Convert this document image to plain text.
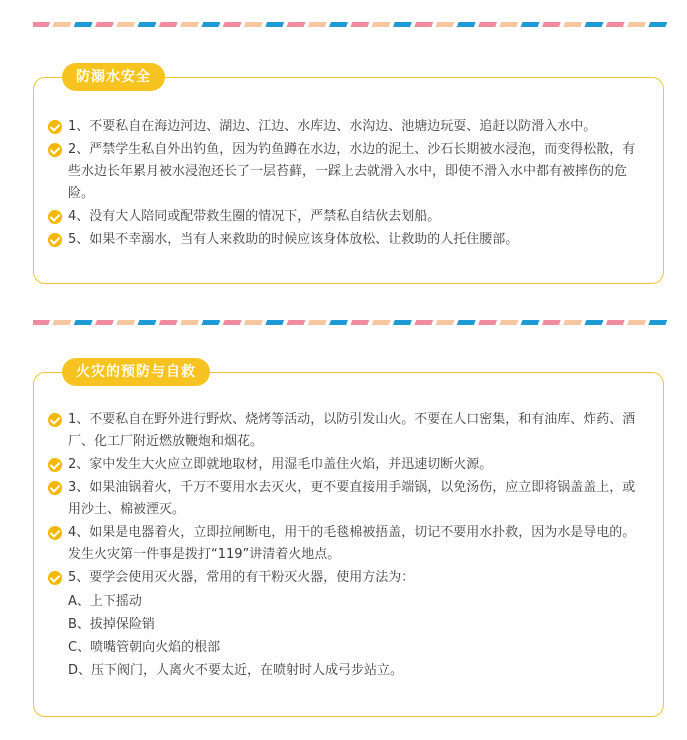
防溺水安全
1、不要私自在海边河边、湖边、江边、水库边、水沟边、池塘边玩耍、追赶以防滑入水中。
2、严禁学生私自外出钓鱼，因为钓鱼蹲在水边，水边的泥土、沙石长期被水浸泡，而变得松散，有些水边长年累月被水浸泡还长了一层苔藓，一踩上去就滑入水中，即使不滑入水中都有被摔伤的危险。
4、没有大人陪同或配带救生圈的情况下，严禁私自结伙去划船。
5、如果不幸溺水，当有人来救助的时候应该身体放松、让救助的人托住腰部。
火灾的预防与自救
1、不要私自在野外进行野炊、烧烤等活动，以防引发山火。不要在人口密集，和有油库、炸药、酒厂、化工厂附近燃放鞭炮和烟花。
2、家中发生大火应立即就地取材，用湿毛巾盖住火焰，并迅速切断火源。
3、如果油锅着火，千万不要用水去灭火，更不要直接用手端锅，以免汤伤，应立即将锅盖盖上，或用沙土、棉被湮灭。
4、如果是电器着火，立即拉闸断电，用干的毛毯棉被捂盖，切记不要用水扑救，因为水是导电的。发生火灾第一件事是拨打“119”讲清着火地点。
5、要学会使用灭火器，常用的有干粉灭火器，使用方法为：
A、上下摇动
B、拔掉保险销
C、喷嘴管朝向火焰的根部
D、压下阀门，人离火不要太近，在喷射时人成弓步站立。
